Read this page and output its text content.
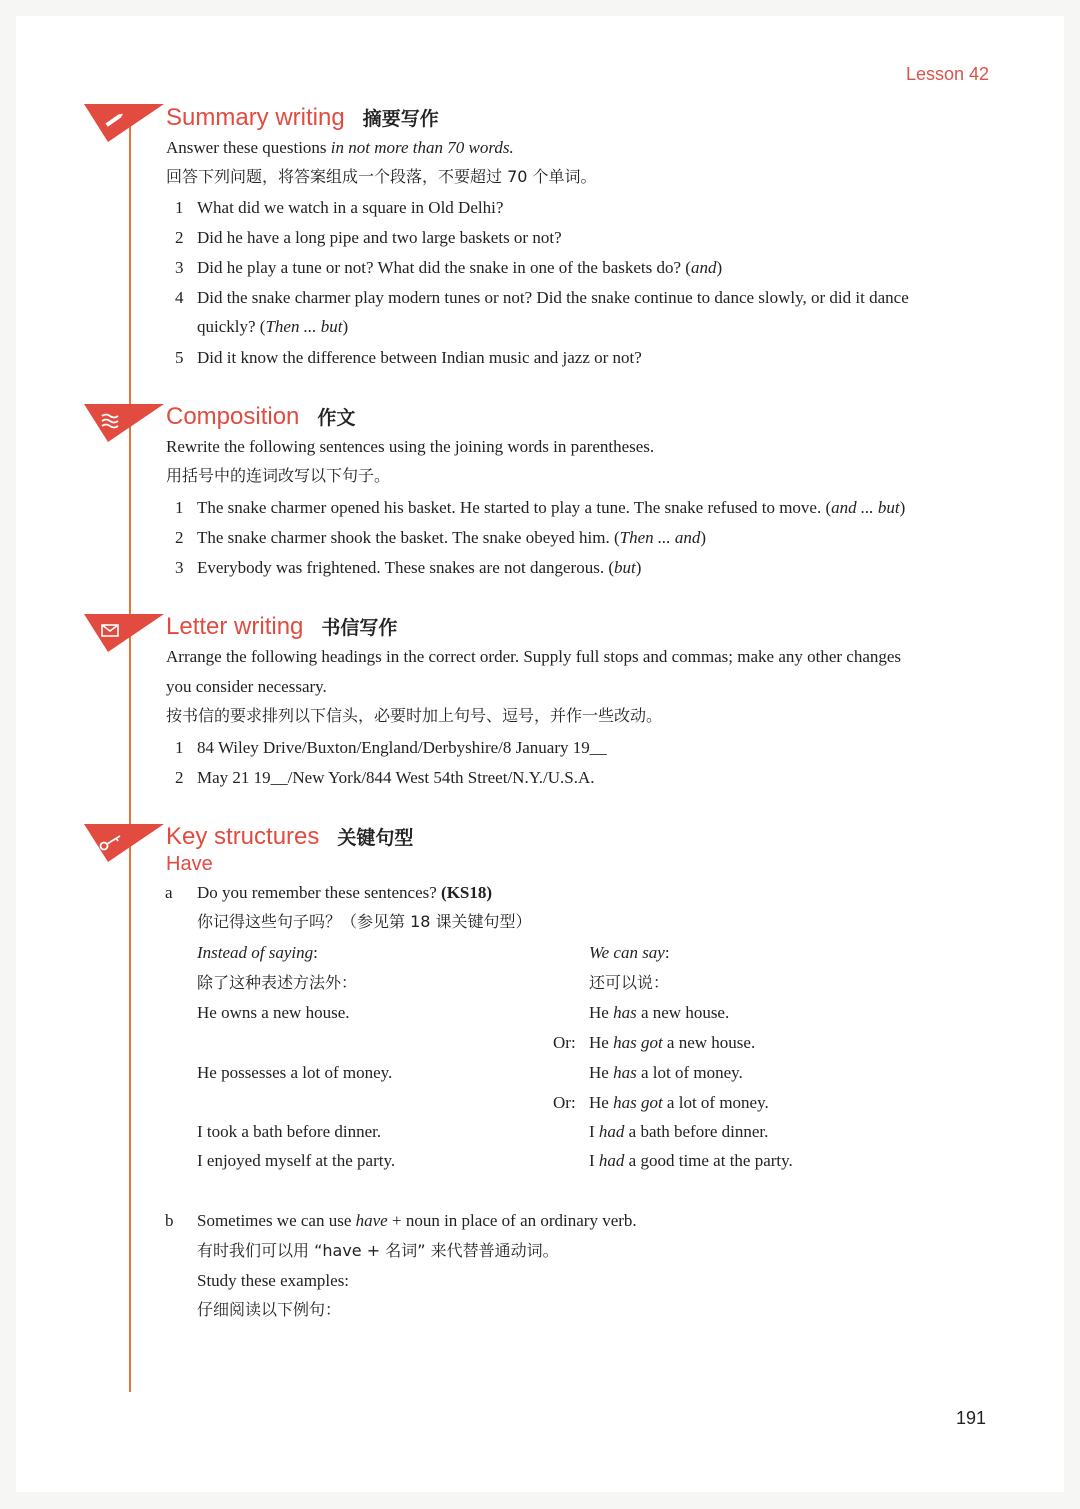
Lesson 42
Summary writing 摘要写作
Answer these questions in not more than 70 words.
回答下列问题，将答案组成一个段落，不要超过 70 个单词。
1 What did we watch in a square in Old Delhi?
2 Did he have a long pipe and two large baskets or not?
3 Did he play a tune or not? What did the snake in one of the baskets do? (and)
4 Did the snake charmer play modern tunes or not? Did the snake continue to dance slowly, or did it dance
quickly? (Then ... but)
5 Did it know the difference between Indian music and jazz or not?
Composition 作文
Rewrite the following sentences using the joining words in parentheses.
用括号中的连词改写以下句子。
1 The snake charmer opened his basket. He started to play a tune. The snake refused to move. (and ... but)
2 The snake charmer shook the basket. The snake obeyed him. (Then ... and)
3 Everybody was frightened. These snakes are not dangerous. (but)
Letter writing 书信写作
Arrange the following headings in the correct order. Supply full stops and commas; make any other changes
you consider necessary.
按书信的要求排列以下信头，必要时加上句号、逗号，并作一些改动。
1 84 Wiley Drive/Buxton/England/Derbyshire/8 January 19__
2 May 21 19__/New York/844 West 54th Street/N.Y./U.S.A.
Key structures 关键句型
Have
a Do you remember these sentences? (KS18)
你记得这些句子吗？（参见第 18 课关键句型）
Instead of saying:	We can say:
除了这种表述方法外：	还可以说：
He owns a new house.	He has a new house.
Or: He has got a new house.
He possesses a lot of money.	He has a lot of money.
Or: He has got a lot of money.
I took a bath before dinner.	I had a bath before dinner.
I enjoyed myself at the party.	I had a good time at the party.
b Sometimes we can use have + noun in place of an ordinary verb.
有时我们可以用 “have + 名词” 来代替普通动词。
Study these examples:
仔细阅读以下例句：
191
